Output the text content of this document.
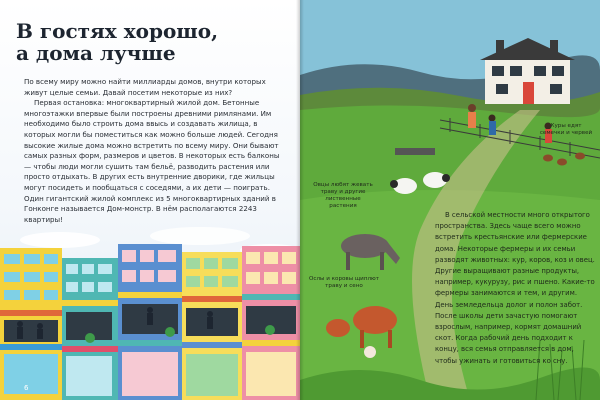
В гостях хорошо,
а дома лучше

По всему миру можно найти миллиарды домов, внутри которых живут целые семьи. Давай посетим некоторые из них?

Первая остановка: многоквартирный жилой дом. Бетонные многоэтажки впервые были построены древними римлянами. Им необходимо было строить дома ввысь и создавать жилища, в которых могли бы поместиться как можно больше людей. Сегодня высокие жилые дома можно встретить по всему миру. Они бывают самых разных форм, размеров и цветов. В некоторых есть балконы — чтобы люди могли сушить там бельё, разводить растения или просто отдыхать. В других есть внутренние дворики, где жильцы могут посидеть и пообщаться с соседями, а их дети — поиграть. Один гигантский жилой комплекс из 5 многоквартирных зданий в Гонконге называется Дом-монстр. В нём располагаются 2243 квартиры!

6
Куры едят семечки и червей
Овцы любят жевать траву и другие лиственные растения
Ослы и коровы щиплют траву и сено
В сельской местности много открытого пространства. Здесь чаще всего можно встретить крестьянские или фермерские дома. Некоторые фермеры и их семьи разводят животных: кур, коров, коз и овец. Другие выращивают разные продукты, например, кукурузу, рис и пшено. Какие-то фермеры занимаются и тем, и другим. День земледельца долог и полон забот. После школы дети зачастую помогают взрослым, например, кормят домашний скот. Когда рабочий день подходит к концу, вся семья отправляется в дом, чтобы ужинать и готовиться ко сну.
